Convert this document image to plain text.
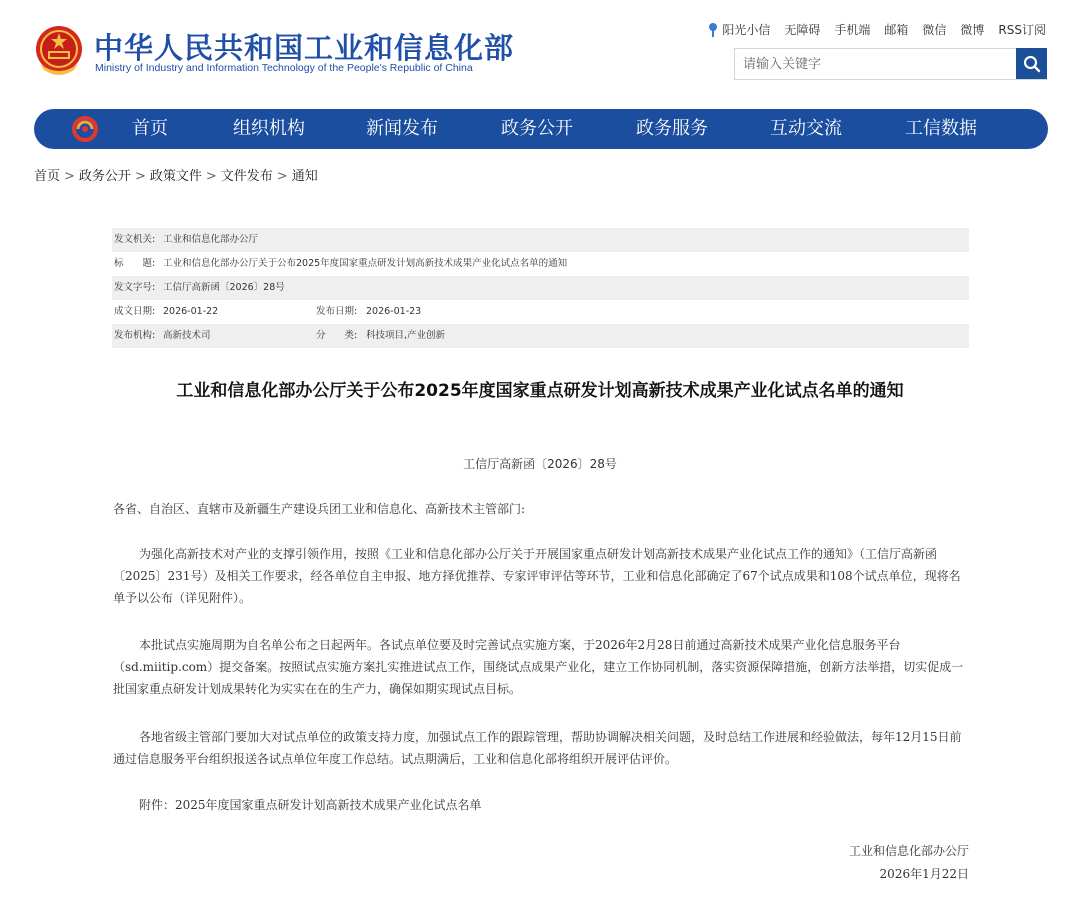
中华人民共和国工业和信息化部
Ministry of Industry and Information Technology of the People's Republic of China
阳光小信 无障碍 手机端 邮箱 微信 微博 RSS订阅
请输入关键字
首页	组织机构	新闻发布	政务公开	政务服务	互动交流	工信数据
首页 > 政务公开 > 政策文件 > 文件发布 > 通知
发文机关: 工业和信息化部办公厅
标　　题: 工业和信息化部办公厅关于公布2025年度国家重点研发计划高新技术成果产业化试点名单的通知
发文字号: 工信厅高新函〔2026〕28号
成文日期: 2026-01-22	发布日期: 2026-01-23
发布机构: 高新技术司	分　　类: 科技项目,产业创新
工业和信息化部办公厅关于公布2025年度国家重点研发计划高新技术成果产业化试点名单的通知
工信厅高新函〔2026〕28号
各省、自治区、直辖市及新疆生产建设兵团工业和信息化、高新技术主管部门:
为强化高新技术对产业的支撑引领作用，按照《工业和信息化部办公厅关于开展国家重点研发计划高新技术成果产业化试点工作的通知》（工信厅高新函〔2025〕231号）及相关工作要求，经各单位自主申报、地方择优推荐、专家评审评估等环节，工业和信息化部确定了67个试点成果和108个试点单位，现将名单予以公布（详见附件）。
本批试点实施周期为自名单公布之日起两年。各试点单位要及时完善试点实施方案，于2026年2月28日前通过高新技术成果产业化信息服务平台（sd.miitip.com）提交备案。按照试点实施方案扎实推进试点工作，围绕试点成果产业化，建立工作协同机制，落实资源保障措施，创新方法举措，切实促成一批国家重点研发计划成果转化为实实在在的生产力，确保如期实现试点目标。
各地省级主管部门要加大对试点单位的政策支持力度，加强试点工作的跟踪管理，帮助协调解决相关问题，及时总结工作进展和经验做法，每年12月15日前通过信息服务平台组织报送各试点单位年度工作总结。试点期满后，工业和信息化部将组织开展评估评价。
附件：2025年度国家重点研发计划高新技术成果产业化试点名单
工业和信息化部办公厅
2026年1月22日
